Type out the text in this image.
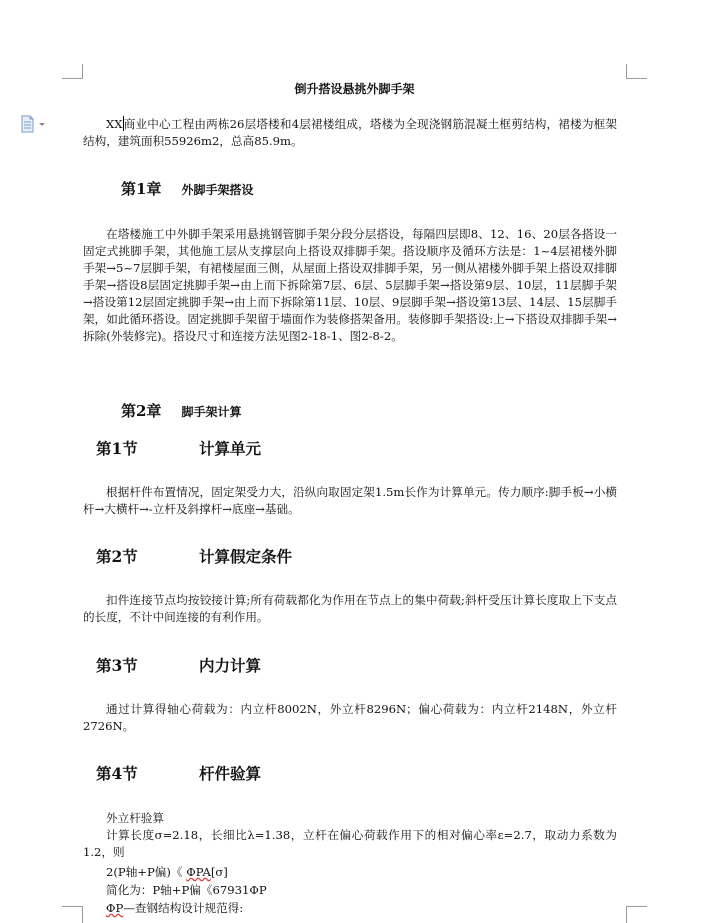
倒升搭设悬挑外脚手架

XX商业中心工程由两栋26层塔楼和4层裙楼组成，塔楼为全现浇钢筋混凝土框剪结构，裙楼为框架结构，建筑面积55926m2，总高85.9m。

第1章 外脚手架搭设

在塔楼施工中外脚手架采用悬挑钢管脚手架分段分层搭设，每隔四层即8、12、16、20层各搭设一固定式挑脚手架，其他施工层从支撑层向上搭设双排脚手架。搭设顺序及循环方法是：1~4层裙楼外脚手架→5~7层脚手架，有裙楼屋面三侧，从屋面上搭设双排脚手架，另一侧从裙楼外脚手架上搭设双排脚手架→搭设8层固定挑脚手架→由上而下拆除第7层、6层、5层脚手架→搭设第9层、10层，11层脚手架→搭设第12层固定挑脚手架→由上而下拆除第11层、10层、9层脚手架→搭设第13层、14层、15层脚手架，如此循环搭设。固定挑脚手架留于墙面作为装修搭架备用。装修脚手架搭设:上→下搭设双排脚手架→拆除(外装修完)。搭设尺寸和连接方法见图2-18-1、图2-8-2。

第2章 脚手架计算
第1节	计算单元

根据杆件布置情况，固定架受力大，沿纵向取固定架1.5m长作为计算单元。传力顺序:脚手板→小横杆→大横杆→-立杆及斜撑杆→底座→基础。

第2节	计算假定条件

扣件连接节点均按铰接计算;所有荷载都化为作用在节点上的集中荷载;斜杆受压计算长度取上下支点的长度，不计中间连接的有利作用。

第3节	内力计算

通过计算得轴心荷载为：内立杆8002N，外立杆8296N；偏心荷载为：内立杆2148N，外立杆2726N。

第4节	杆件验算
外立杆验算

计算长度σ=2.18，长细比λ=1.38，立杆在偏心荷载作用下的相对偏心率ε=2.7，取动力系数为1.2，则

2(P轴+P偏)《 ΦPA[σ]
简化为：P轴+P偏《67931ΦP
ΦP—查钢结构设计规范得:
